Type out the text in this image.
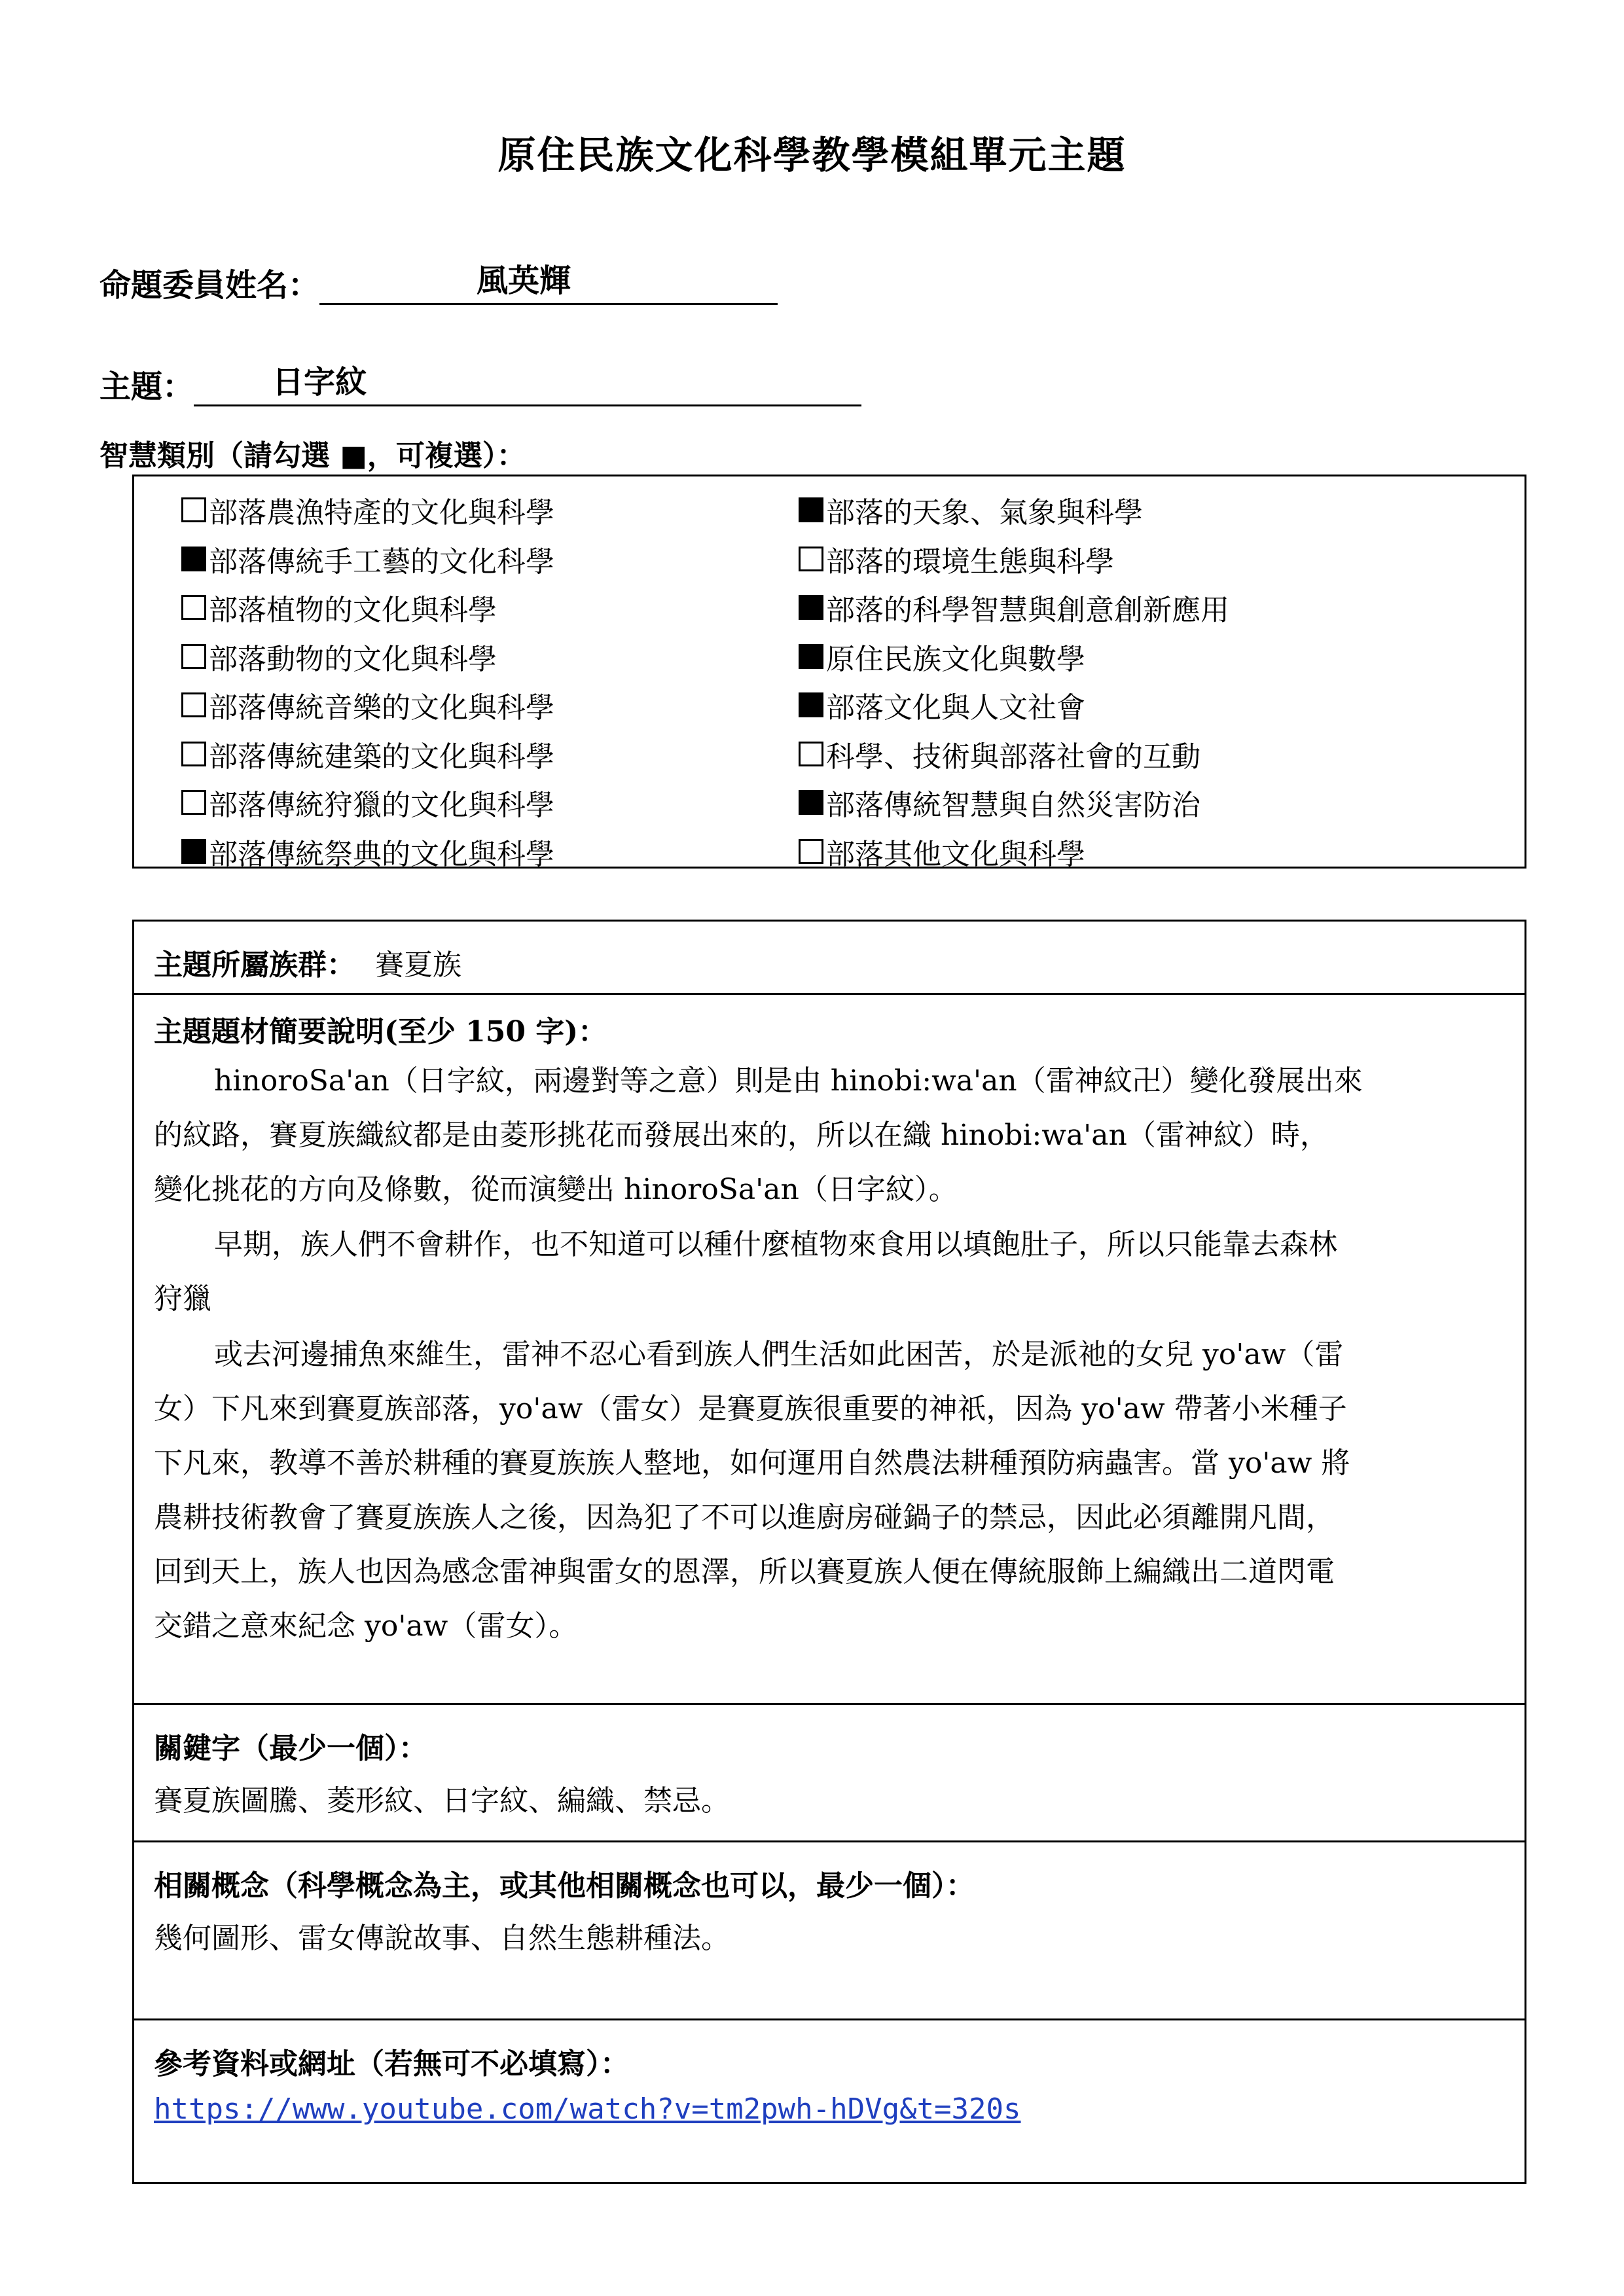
原住民族文化科學教學模組單元主題
命題委員姓名：	風英輝
主題：	日字紋
智慧類別（請勾選 ■，可複選）：
部落農漁特產的文化與科學
部落傳統手工藝的文化科學
部落植物的文化與科學
部落動物的文化與科學
部落傳統音樂的文化與科學
部落傳統建築的文化與科學
部落傳統狩獵的文化與科學
部落傳統祭典的文化與科學
部落的天象、氣象與科學
部落的環境生態與科學
部落的科學智慧與創意創新應用
原住民族文化與數學
部落文化與人文社會
科學、技術與部落社會的互動
部落傳統智慧與自然災害防治
部落其他文化與科學
主題所屬族群： 賽夏族
主題題材簡要說明(至少 150 字)：
hinoroSa'an（日字紋，兩邊對等之意）則是由 hinobi:wa'an（雷神紋卍）變化發展出來
的紋路，賽夏族織紋都是由菱形挑花而發展出來的，所以在織 hinobi:wa'an（雷神紋）時，
變化挑花的方向及條數，從而演變出 hinoroSa'an（日字紋）。
早期，族人們不會耕作，也不知道可以種什麼植物來食用以填飽肚子，所以只能靠去森林
狩獵
或去河邊捕魚來維生，雷神不忍心看到族人們生活如此困苦，於是派祂的女兒 yo'aw（雷
女）下凡來到賽夏族部落，yo'aw（雷女）是賽夏族很重要的神祇，因為 yo'aw 帶著小米種子
下凡來，教導不善於耕種的賽夏族族人整地，如何運用自然農法耕種預防病蟲害。當 yo'aw 將
農耕技術教會了賽夏族族人之後，因為犯了不可以進廚房碰鍋子的禁忌，因此必須離開凡間，
回到天上，族人也因為感念雷神與雷女的恩澤，所以賽夏族人便在傳統服飾上編織出二道閃電
交錯之意來紀念 yo'aw（雷女）。
關鍵字（最少一個）：
賽夏族圖騰、菱形紋、日字紋、編織、禁忌。
相關概念（科學概念為主，或其他相關概念也可以，最少一個）：
幾何圖形、雷女傳說故事、自然生態耕種法。
參考資料或網址（若無可不必填寫）：
https://www.youtube.com/watch?v=tm2pwh-hDVg&t=320s
